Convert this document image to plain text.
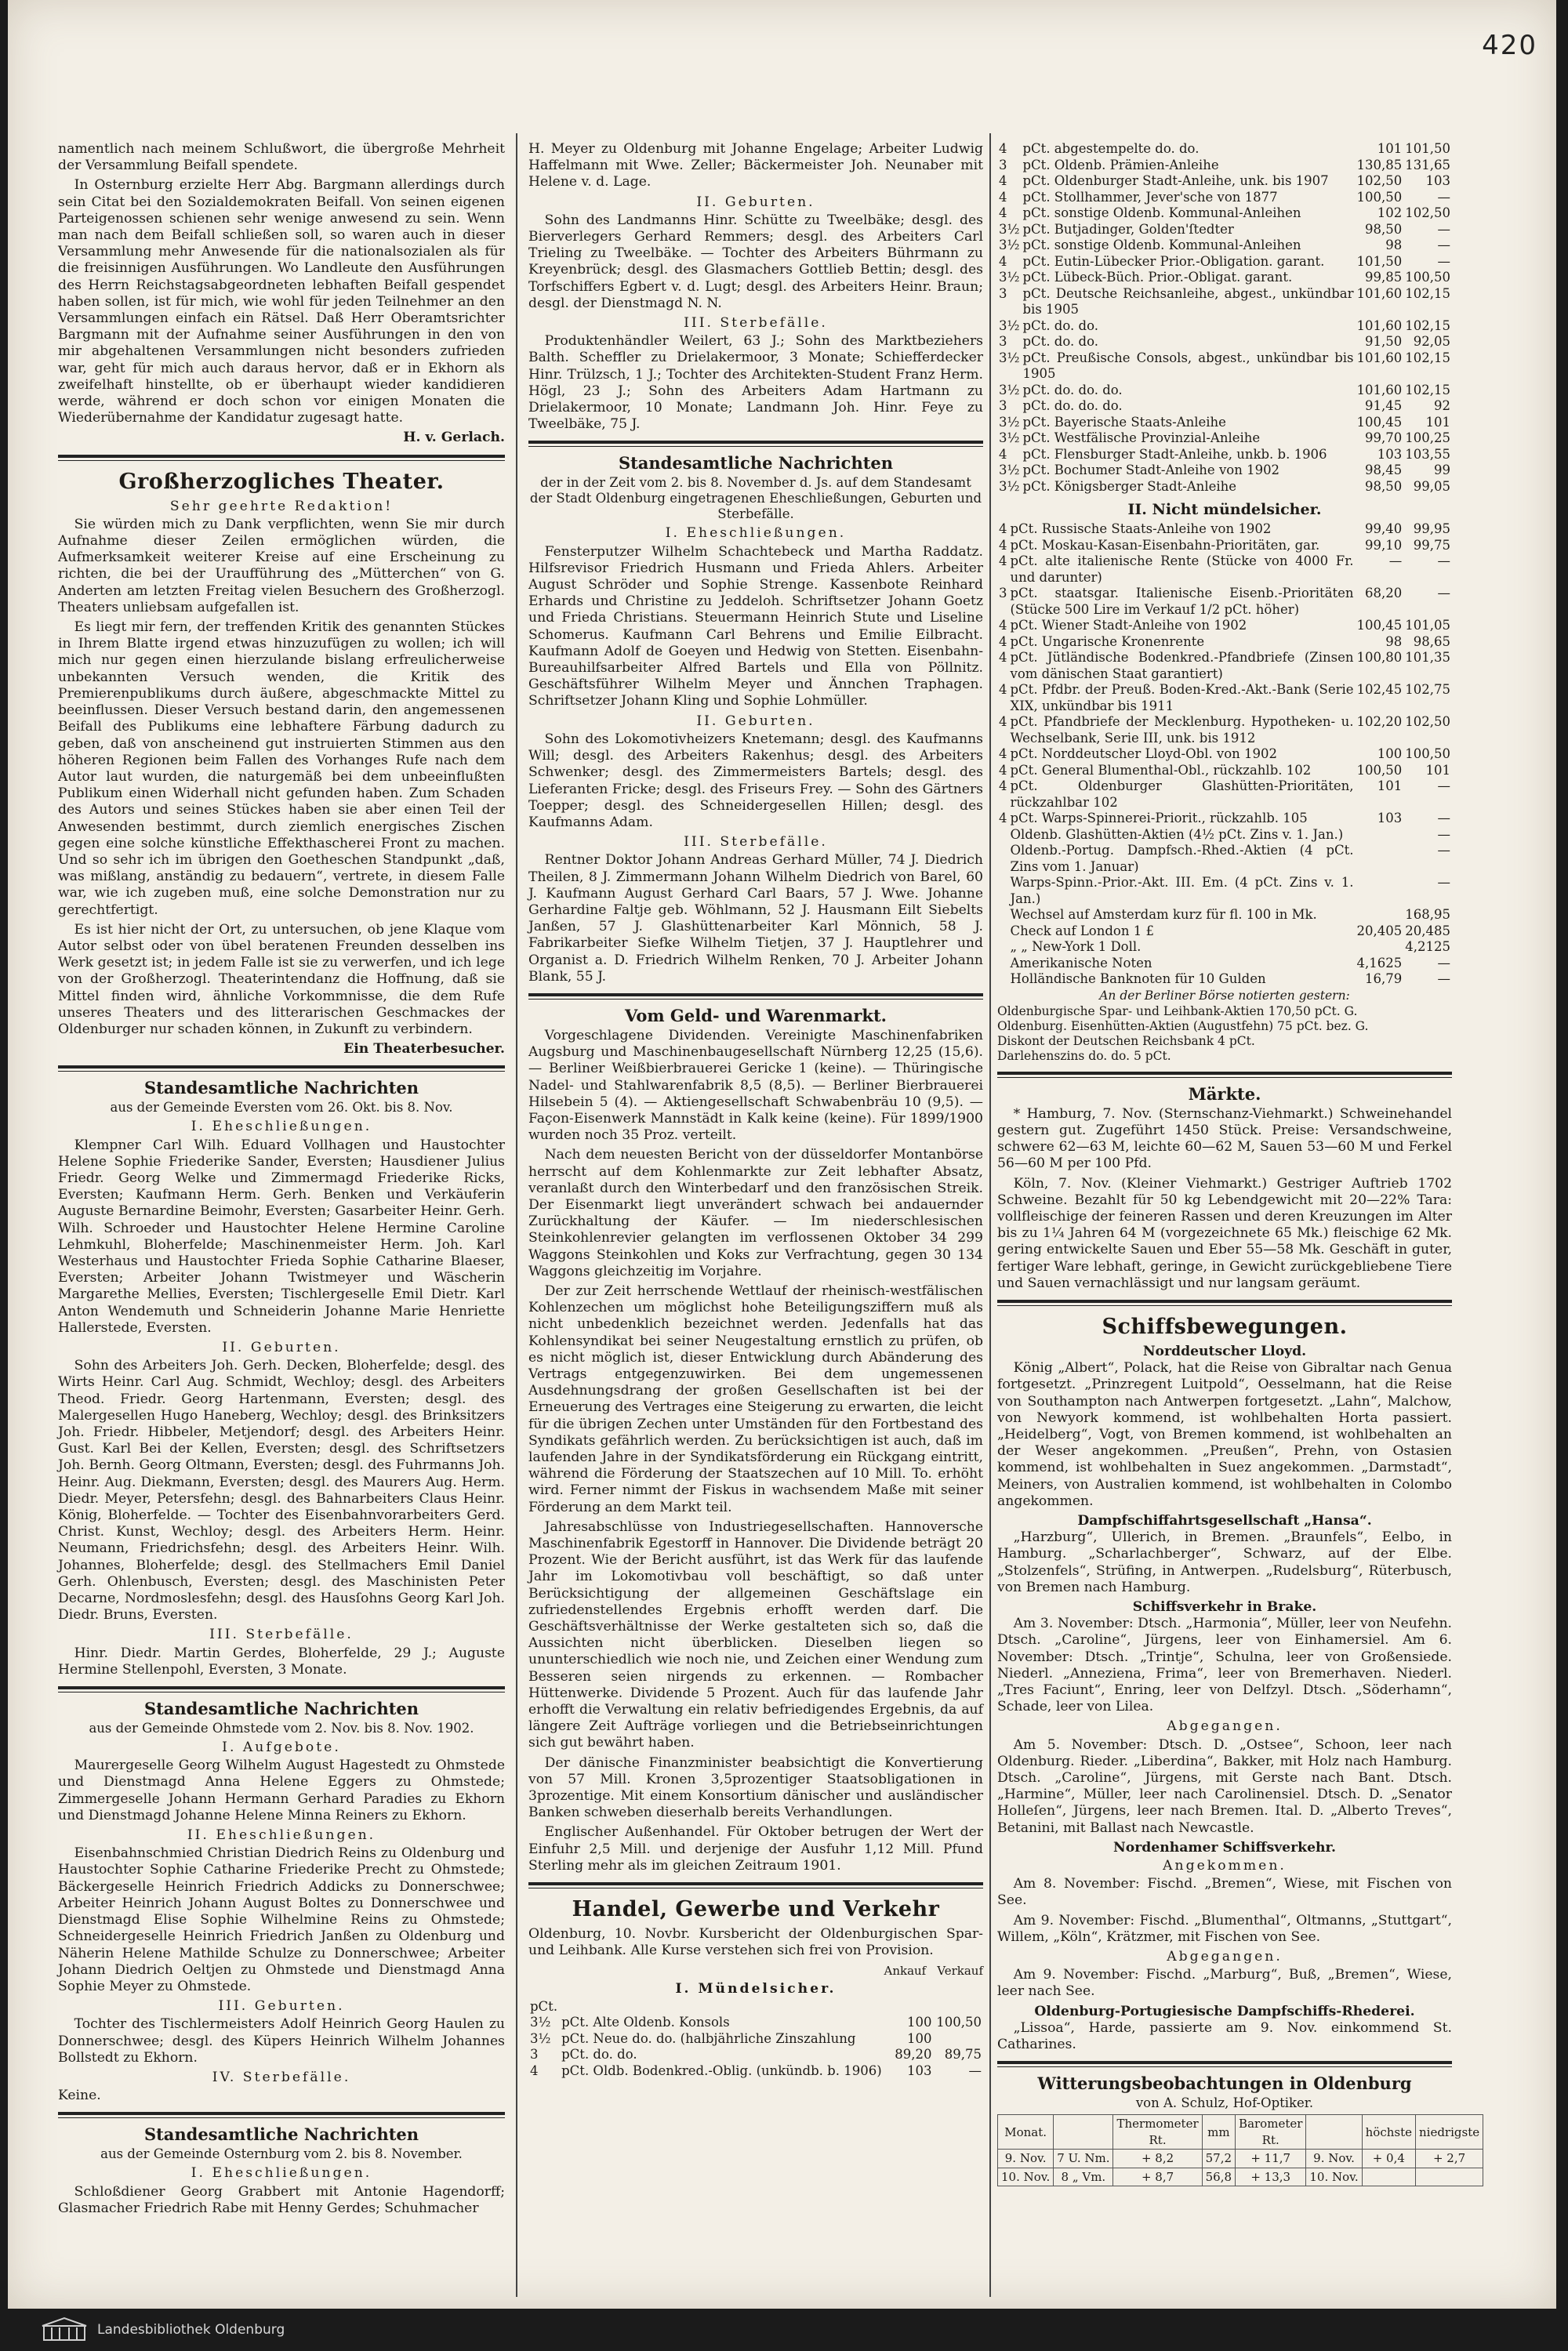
420

namentlich nach meinem Schlußwort, die übergroße Mehrheit der Versammlung Beifall spendete.

In Osternburg erzielte Herr Abg. Bargmann allerdings durch sein Citat bei den Sozialdemokraten Beifall. Von seinen eigenen Parteigenossen schienen sehr wenige anwesend zu sein. Wenn man nach dem Beifall schließen soll, so waren auch in dieser Versammlung mehr Anwesende für die nationalsozialen als für die freisinnigen Ausführungen. Wo Landleute den Ausführungen des Herrn Reichstagsabgeordneten lebhaften Beifall gespendet haben sollen, ist für mich, wie wohl für jeden Teilnehmer an den Versammlungen einfach ein Rätsel. Daß Herr Oberamtsrichter Bargmann mit der Aufnahme seiner Ausführungen in den von mir abgehaltenen Versammlungen nicht besonders zufrieden war, geht für mich auch daraus hervor, daß er in Ekhorn als zweifelhaft hinstellte, ob er überhaupt wieder kandidieren werde, während er doch schon vor einigen Monaten die Wiederübernahme der Kandidatur zugesagt hatte.

H. v. Gerlach.
Großherzogliches Theater.
Sehr geehrte Redaktion!

Sie würden mich zu Dank verpflichten, wenn Sie mir durch Aufnahme dieser Zeilen ermöglichen würden, die Aufmerksamkeit weiterer Kreise auf eine Erscheinung zu richten, die bei der Uraufführung des „Mütterchen“ von G. Anderten am letzten Freitag vielen Besuchern des Großherzogl. Theaters unliebsam aufgefallen ist.

Es liegt mir fern, der treffenden Kritik des genannten Stückes in Ihrem Blatte irgend etwas hinzuzufügen zu wollen; ich will mich nur gegen einen hierzulande bislang erfreulicherweise unbekannten Versuch wenden, die Kritik des Premierenpublikums durch äußere, abgeschmackte Mittel zu beeinflussen. Dieser Versuch bestand darin, den angemessenen Beifall des Publikums eine lebhaftere Färbung dadurch zu geben, daß von anscheinend gut instruierten Stimmen aus den höheren Regionen beim Fallen des Vorhanges Rufe nach dem Autor laut wurden, die naturgemäß bei dem unbeeinflußten Publikum einen Widerhall nicht gefunden haben. Zum Schaden des Autors und seines Stückes haben sie aber einen Teil der Anwesenden bestimmt, durch ziemlich energisches Zischen gegen eine solche künstliche Effekthascherei Front zu machen. Und so sehr ich im übrigen den Goetheschen Standpunkt „daß, was mißlang, anständig zu bedauern“, vertrete, in diesem Falle war, wie ich zugeben muß, eine solche Demonstration nur zu gerechtfertigt.

Es ist hier nicht der Ort, zu untersuchen, ob jene Klaque vom Autor selbst oder von übel beratenen Freunden desselben ins Werk gesetzt ist; in jedem Falle ist sie zu verwerfen, und ich lege von der Großherzogl. Theaterintendanz die Hoffnung, daß sie Mittel finden wird, ähnliche Vorkommnisse, die dem Rufe unseres Theaters und des litterarischen Geschmackes der Oldenburger nur schaden können, in Zukunft zu verbindern.

Ein Theaterbesucher.
Standesamtliche Nachrichten
aus der Gemeinde Eversten vom 26. Okt. bis 8. Nov.
I. Eheschließungen.

Klempner Carl Wilh. Eduard Vollhagen und Haustochter Helene Sophie Friederike Sander, Eversten; Hausdiener Julius Friedr. Georg Welke und Zimmermagd Friederike Ricks, Eversten; Kaufmann Herm. Gerh. Benken und Verkäuferin Auguste Bernardine Beimohr, Eversten; Gasarbeiter Heinr. Gerh. Wilh. Schroeder und Haustochter Helene Hermine Caroline Lehmkuhl, Bloherfelde; Maschinenmeister Herm. Joh. Karl Westerhaus und Haustochter Frieda Sophie Catharine Blaeser, Eversten; Arbeiter Johann Twistmeyer und Wäscherin Margarethe Mellies, Eversten; Tischlergeselle Emil Dietr. Karl Anton Wendemuth und Schneiderin Johanne Marie Henriette Hallerstede, Eversten.

II. Geburten.

Sohn des Arbeiters Joh. Gerh. Decken, Bloherfelde; desgl. des Wirts Heinr. Carl Aug. Schmidt, Wechloy; desgl. des Arbeiters Theod. Friedr. Georg Hartenmann, Eversten; desgl. des Malergesellen Hugo Haneberg, Wechloy; desgl. des Brinksitzers Joh. Friedr. Hibbeler, Metjendorf; desgl. des Arbeiters Heinr. Gust. Karl Bei der Kellen, Eversten; desgl. des Schriftsetzers Joh. Bernh. Georg Oltmann, Eversten; desgl. des Fuhrmanns Joh. Heinr. Aug. Diekmann, Eversten; desgl. des Maurers Aug. Herm. Diedr. Meyer, Petersfehn; desgl. des Bahnarbeiters Claus Heinr. König, Bloherfelde. — Tochter des Eisenbahnvorarbeiters Gerd. Christ. Kunst, Wechloy; desgl. des Arbeiters Herm. Heinr. Neumann, Friedrichsfehn; desgl. des Arbeiters Heinr. Wilh. Johannes, Bloherfelde; desgl. des Stellmachers Emil Daniel Gerh. Ohlenbusch, Eversten; desgl. des Maschinisten Peter Decarne, Nordmoslesfehn; desgl. des Hausſohns Georg Karl Joh. Diedr. Bruns, Eversten.

III. Sterbefälle.

Hinr. Diedr. Martin Gerdes, Bloherfelde, 29 J.; Auguste Hermine Stellenpohl, Eversten, 3 Monate.

Standesamtliche Nachrichten
aus der Gemeinde Ohmstede vom 2. Nov. bis 8. Nov. 1902.
I. Aufgebote.

Maurergeselle Georg Wilhelm August Hagestedt zu Ohmstede und Dienstmagd Anna Helene Eggers zu Ohmstede; Zimmergeselle Johann Hermann Gerhard Paradies zu Ekhorn und Dienstmagd Johanne Helene Minna Reiners zu Ekhorn.

II. Eheschließungen.

Eisenbahnschmied Christian Diedrich Reins zu Oldenburg und Haustochter Sophie Catharine Friederike Precht zu Ohmstede; Bäckergeselle Heinrich Friedrich Addicks zu Donnerschwee; Arbeiter Heinrich Johann August Boltes zu Donnerschwee und Dienstmagd Elise Sophie Wilhelmine Reins zu Ohmstede; Schneidergeselle Heinrich Friedrich Janßen zu Oldenburg und Näherin Helene Mathilde Schulze zu Donnerschwee; Arbeiter Johann Diedrich Oeltjen zu Ohmstede und Dienstmagd Anna Sophie Meyer zu Ohmstede.

III. Geburten.

Tochter des Tischlermeisters Adolf Heinrich Georg Haulen zu Donnerschwee; desgl. des Küpers Heinrich Wilhelm Johannes Bollstedt zu Ekhorn.

IV. Sterbefälle.

Keine.

Standesamtliche Nachrichten
aus der Gemeinde Osternburg vom 2. bis 8. November.
I. Eheschließungen.

Schloßdiener Georg Grabbert mit Antonie Hagendorff; Glasmacher Friedrich Rabe mit Henny Gerdes; Schuhmacher

H. Meyer zu Oldenburg mit Johanne Engelage; Arbeiter Ludwig Haffelmann mit Wwe. Zeller; Bäckermeister Joh. Neunaber mit Helene v. d. Lage.

II. Geburten.

Sohn des Landmanns Hinr. Schütte zu Tweelbäke; desgl. des Bierverlegers Gerhard Remmers; desgl. des Arbeiters Carl Trieling zu Tweelbäke. — Tochter des Arbeiters Bührmann zu Kreyenbrück; desgl. des Glasmachers Gottlieb Bettin; desgl. des Torfschiffers Egbert v. d. Lugt; desgl. des Arbeiters Heinr. Braun; desgl. der Dienstmagd N. N.

III. Sterbefälle.

Produktenhändler Weilert, 63 J.; Sohn des Marktbeziehers Balth. Scheffler zu Drielakermoor, 3 Monate; Schiefferdecker Hinr. Trülzsch, 1 J.; Tochter des Architekten-Student Franz Herm. Högl, 23 J.; Sohn des Arbeiters Adam Hartmann zu Drielakermoor, 10 Monate; Landmann Joh. Hinr. Feye zu Tweelbäke, 75 J.

Standesamtliche Nachrichten
der in der Zeit vom 2. bis 8. November d. Js. auf dem Standesamt der Stadt Oldenburg eingetragenen Eheschließungen, Geburten und Sterbefälle.
I. Eheschließungen.

Fensterputzer Wilhelm Schachtebeck und Martha Raddatz. Hilfsrevisor Friedrich Husmann und Frieda Ahlers. Arbeiter August Schröder und Sophie Strenge. Kassenbote Reinhard Erhards und Christine zu Jeddeloh. Schriftsetzer Johann Goetz und Frieda Christians. Steuermann Heinrich Stute und Liseline Schomerus. Kaufmann Carl Behrens und Emilie Eilbracht. Kaufmann Adolf de Goeyen und Hedwig von Stetten. Eisenbahn-Bureauhilfsarbeiter Alfred Bartels und Ella von Pöllnitz. Geschäftsführer Wilhelm Meyer und Ännchen Traphagen. Schriftsetzer Johann Kling und Sophie Lohmüller.

II. Geburten.

Sohn des Lokomotivheizers Knetemann; desgl. des Kaufmanns Will; desgl. des Arbeiters Rakenhus; desgl. des Arbeiters Schwenker; desgl. des Zimmermeisters Bartels; desgl. des Lieferanten Fricke; desgl. des Friseurs Frey. — Sohn des Gärtners Toepper; desgl. des Schneidergesellen Hillen; desgl. des Kaufmanns Adam.

III. Sterbefälle.

Rentner Doktor Johann Andreas Gerhard Müller, 74 J. Diedrich Theilen, 8 J. Zimmermann Johann Wilhelm Diedrich von Barel, 60 J. Kaufmann August Gerhard Carl Baars, 57 J. Wwe. Johanne Gerhardine Faltje geb. Wöhlmann, 52 J. Hausmann Eilt Siebelts Janßen, 57 J. Glashüttenarbeiter Karl Mönnich, 58 J. Fabrikarbeiter Siefke Wilhelm Tietjen, 37 J. Hauptlehrer und Organist a. D. Friedrich Wilhelm Renken, 70 J. Arbeiter Johann Blank, 55 J.

Vom Geld- und Warenmarkt.

Vorgeschlagene Dividenden. Vereinigte Maschinenfabriken Augsburg und Maschinenbaugesellschaft Nürnberg 12,25 (15,6). — Berliner Weißbierbrauerei Gericke 1 (keine). — Thüringische Nadel- und Stahlwarenfabrik 8,5 (8,5). — Berliner Bierbrauerei Hilsebein 5 (4). — Aktiengesellschaft Schwabenbräu 10 (9,5). — Façon-Eisenwerk Mannstädt in Kalk keine (keine). Für 1899/1900 wurden noch 35 Proz. verteilt.

Nach dem neuesten Bericht von der düsseldorfer Montanbörse herrscht auf dem Kohlenmarkte zur Zeit lebhafter Absatz, veranlaßt durch den Winterbedarf und den französischen Streik. Der Eisenmarkt liegt unverändert schwach bei andauernder Zurückhaltung der Käufer. — Im niederschlesischen Steinkohlenrevier gelangten im verflossenen Oktober 34 299 Waggons Steinkohlen und Koks zur Verfrachtung, gegen 30 134 Waggons gleichzeitig im Vorjahre.

Der zur Zeit herrschende Wettlauf der rheinisch-westfälischen Kohlenzechen um möglichst hohe Beteiligungsziffern muß als nicht unbedenklich bezeichnet werden. Jedenfalls hat das Kohlensyndikat bei seiner Neugestaltung ernstlich zu prüfen, ob es nicht möglich ist, dieser Entwicklung durch Abänderung des Vertrags entgegenzuwirken. Bei dem ungemessenen Ausdehnungsdrang der großen Gesellschaften ist bei der Erneuerung des Vertrages eine Steigerung zu erwarten, die leicht für die übrigen Zechen unter Umständen für den Fortbestand des Syndikats gefährlich werden. Zu berücksichtigen ist auch, daß im laufenden Jahre in der Syndikatsförderung ein Rückgang eintritt, während die Förderung der Staatszechen auf 10 Mill. To. erhöht wird. Ferner nimmt der Fiskus in wachsendem Maße mit seiner Förderung an dem Markt teil.

Jahresabschlüsse von Industriegesellschaften. Hannoversche Maschinenfabrik Egestorff in Hannover. Die Dividende beträgt 20 Prozent. Wie der Bericht ausführt, ist das Werk für das laufende Jahr im Lokomotivbau voll beschäftigt, so daß unter Berücksichtigung der allgemeinen Geschäftslage ein zufriedenstellendes Ergebnis erhofft werden darf. Die Geschäftsverhältnisse der Werke gestalteten sich so, daß die Aussichten nicht überblicken. Dieselben liegen so ununterschiedlich wie noch nie, und Zeichen einer Wendung zum Besseren seien nirgends zu erkennen. — Rombacher Hüttenwerke. Dividende 5 Prozent. Auch für das laufende Jahr erhofft die Verwaltung ein relativ befriedigendes Ergebnis, da auf längere Zeit Aufträge vorliegen und die Betriebseinrichtungen sich gut bewährt haben.

Der dänische Finanzminister beabsichtigt die Konvertierung von 57 Mill. Kronen 3,5prozentiger Staatsobligationen in 3prozentige. Mit einem Konsortium dänischer und ausländischer Banken schweben dieserhalb bereits Verhandlungen.

Englischer Außenhandel. Für Oktober betrugen der Wert der Einfuhr 2,5 Mill. und derjenige der Ausfuhr 1,12 Mill. Pfund Sterling mehr als im gleichen Zeitraum 1901.

Handel, Gewerbe und Verkehr

Oldenburg, 10. Novbr. Kursbericht der Oldenburgischen Spar- und Leihbank. Alle Kurse verstehen sich frei von Provision.

Ankauf Verkauf
I. Mündelsicher.
pCt.			
3½	pCt. Alte Oldenb. Konsols	100	100,50
3½	pCt. Neue do. do. (halbjährliche Zinszahlung	100	
3	pCt. do. do.	89,20	89,75
4	pCt. Oldb. Bodenkred.-Oblig. (unkündb. b. 1906)	103	—
4	pCt. abgestempelte do. do.	101	101,50
3	pCt. Oldenb. Prämien-Anleihe	130,85	131,65
4	pCt. Oldenburger Stadt-Anleihe, unk. bis 1907	102,50	103
4	pCt. Stollhammer, Jever'sche von 1877	100,50	—
4	pCt. sonstige Oldenb. Kommunal-Anleihen	102	102,50
3½	pCt. Butjadinger, Golden'ſtedter	98,50	—
3½	pCt. sonstige Oldenb. Kommunal-Anleihen	98	—
4	pCt. Eutin-Lübecker Prior.-Obligation. garant.	101,50	—
3½	pCt. Lübeck-Büch. Prior.-Obligat. garant.	99,85	100,50
3	pCt. Deutsche Reichsanleihe, abgest., unkündbar bis 1905	101,60	102,15
3½	pCt. do. do.	101,60	102,15
3	pCt. do. do.	91,50	92,05
3½	pCt. Preußische Consols, abgest., unkündbar bis 1905	101,60	102,15
3½	pCt. do. do. do.	101,60	102,15
3	pCt. do. do. do.	91,45	92
3½	pCt. Bayerische Staats-Anleihe	100,45	101
3½	pCt. Westfälische Provinzial-Anleihe	99,70	100,25
4	pCt. Flensburger Stadt-Anleihe, unkb. b. 1906	103	103,55
3½	pCt. Bochumer Stadt-Anleihe von 1902	98,45	99
3½	pCt. Königsberger Stadt-Anleihe	98,50	99,05
II. Nicht mündelsicher.
4	pCt. Russische Staats-Anleihe von 1902	99,40	99,95
4	pCt. Moskau-Kasan-Eisenbahn-Prioritäten, gar.	99,10	99,75
4	pCt. alte italienische Rente (Stücke von 4000 Fr. und darunter)	—	—
3	pCt. staatsgar. Italienische Eisenb.-Prioritäten (Stücke 500 Lire im Verkauf 1/2 pCt. höher)	68,20	—
4	pCt. Wiener Stadt-Anleihe von 1902	100,45	101,05
4	pCt. Ungarische Kronenrente	98	98,65
4	pCt. Jütländische Bodenkred.-Pfandbriefe (Zinsen vom dänischen Staat garantiert)	100,80	101,35
4	pCt. Pfdbr. der Preuß. Boden-Kred.-Akt.-Bank (Serie XIX, unkündbar bis 1911	102,45	102,75
4	pCt. Pfandbriefe der Mecklenburg. Hypotheken- u. Wechselbank, Serie III, unk. bis 1912	102,20	102,50
4	pCt. Norddeutscher Lloyd-Obl. von 1902	100	100,50
4	pCt. General Blumenthal-Obl., rückzahlb. 102	100,50	101
4	pCt. Oldenburger Glashütten-Prioritäten, rückzahlbar 102	101	—
4	pCt. Warps-Spinnerei-Priorit., rückzahlb. 105	103	—
	Oldenb. Glashütten-Aktien (4½ pCt. Zins v. 1. Jan.)		—
	Oldenb.-Portug. Dampfsch.-Rhed.-Aktien (4 pCt. Zins vom 1. Januar)		—
	Warps-Spinn.-Prior.-Akt. III. Em. (4 pCt. Zins v. 1. Jan.)		—
	Wechsel auf Amsterdam kurz für fl. 100 in Mk.		168,95
	Check auf London 1 £	20,405	20,485
	„ „ New-York 1 Doll.		4,2125
	Amerikanische Noten	4,1625	—
	Holländische Banknoten für 10 Gulden	16,79	—
An der Berliner Börse notierten gestern:
Oldenburgische Spar- und Leihbank-Aktien 170,50 pCt. G.
Oldenburg. Eisenhütten-Aktien (Augustfehn) 75 pCt. bez. G.
Diskont der Deutschen Reichsbank 4 pCt.
Darlehenszins do. do. 5 pCt.
Märkte.

* Hamburg, 7. Nov. (Sternschanz-Viehmarkt.) Schweinehandel gestern gut. Zugeführt 1450 Stück. Preise: Versandschweine, schwere 62—63 M, leichte 60—62 M, Sauen 53—60 M und Ferkel 56—60 M per 100 Pfd.

Köln, 7. Nov. (Kleiner Viehmarkt.) Gestriger Auftrieb 1702 Schweine. Bezahlt für 50 kg Lebendgewicht mit 20—22% Tara: vollfleischige der feineren Rassen und deren Kreuzungen im Alter bis zu 1¼ Jahren 64 M (vorgezeichnete 65 Mk.) fleischige 62 Mk. gering entwickelte Sauen und Eber 55—58 Mk. Geschäft in guter, fertiger Ware lebhaft, geringe, in Gewicht zurückgebliebene Tiere und Sauen vernachlässigt und nur langsam geräumt.

Schiffsbewegungen.
Norddeutscher Lloyd.

König „Albert“, Polack, hat die Reise von Gibraltar nach Genua fortgesetzt. „Prinzregent Luitpold“, Oesselmann, hat die Reise von Southampton nach Antwerpen fortgesetzt. „Lahn“, Malchow, von Newyork kommend, ist wohlbehalten Horta passiert. „Heidelberg“, Vogt, von Bremen kommend, ist wohlbehalten an der Weser angekommen. „Preußen“, Prehn, von Ostasien kommend, ist wohlbehalten in Suez angekommen. „Darmstadt“, Meiners, von Australien kommend, ist wohlbehalten in Colombo angekommen.

Dampfschiffahrtsgesellschaft „Hansa“.

„Harzburg“, Ullerich, in Bremen. „Braunfels“, Eelbo, in Hamburg. „Scharlachberger“, Schwarz, auf der Elbe. „Stolzenfels“, Strüfing, in Antwerpen. „Rudelsburg“, Rüterbusch, von Bremen nach Hamburg.

Schiffsverkehr in Brake.

Am 3. November: Dtsch. „Harmonia“, Müller, leer von Neufehn. Dtsch. „Caroline“, Jürgens, leer von Einhamersiel. Am 6. November: Dtsch. „Trintje“, Schulna, leer von Großensiede. Niederl. „Anneziena, Frima“, leer von Bremerhaven. Niederl. „Tres Faciunt“, Enring, leer von Delfzyl. Dtsch. „Söderhamn“, Schade, leer von Lilea.

Abgegangen.

Am 5. November: Dtsch. D. „Ostsee“, Schoon, leer nach Oldenburg. Rieder. „Liberdina“, Bakker, mit Holz nach Hamburg. Dtsch. „Caroline“, Jürgens, mit Gerste nach Bant. Dtsch. „Harmine“, Müller, leer nach Carolinensiel. Dtsch. D. „Senator Holleſen“, Jürgens, leer nach Bremen. Ital. D. „Alberto Treves“, Betanini, mit Ballast nach Newcastle.

Nordenhamer Schiffsverkehr.
Angekommen.

Am 8. November: Fischd. „Bremen“, Wiese, mit Fischen von See.

Am 9. November: Fischd. „Blumenthal“, Oltmanns, „Stuttgart“, Willem, „Köln“, Krätzmer, mit Fischen von See.

Abgegangen.

Am 9. November: Fischd. „Marburg“, Buß, „Bremen“, Wiese, leer nach See.

Oldenburg-Portugiesische Dampfschiffs-Rhederei.

„Lissoa“, Harde, passierte am 9. Nov. einkommend St. Catharines.

Witterungsbeobachtungen in Oldenburg
von A. Schulz, Hof-Optiker.
Monat.		Thermometer Rt.	mm	Barometer Rt.		höchste	niedrigste
9. Nov.	7 U. Nm.	+ 8,2	57,2	+ 11,7	9. Nov.	+ 0,4	+ 2,7
10. Nov.	8 „ Vm.	+ 8,7	56,8	+ 13,3	10. Nov.		
Landesbibliothek Oldenburg
